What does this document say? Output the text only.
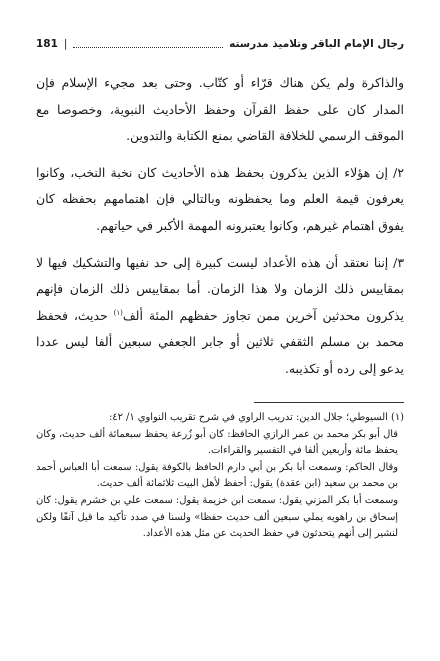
رجال الإمام الباقر وتلاميذ مدرسته
|
181

والذاكرة ولم يكن هناك قرّاء أو كتّاب. وحتى بعد مجيء الإسلام فإن المدار كان على حفظ القرآن وحفظ الأحاديث النبوية، وخصوصا مع الموقف الرسمي للخلافة القاضي بمنع الكتابة والتدوين.

٢/ إن هؤلاء الذين يذكرون بحفظ هذه الأحاديث كان نخبة النخب، وكانوا يعرفون قيمة العلم وما يحفظونه وبالتالي فإن اهتمامهم بحفظه كان يفوق اهتمام غيرهم، وكانوا يعتبرونه المهمة الأكبر في حياتهم.

٣/ إننا نعتقد أن هذه الأعداد ليست كبيرة إلى حد نفيها والتشكيك فيها لا بمقاييس ذلك الزمان ولا هذا الزمان. أما بمقاييس ذلك الزمان فإنهم يذكرون محدثين آخرين ممن تجاوز حفظهم المئة ألف$^{(١)}$ حديث، فحفظ محمد بن مسلم الثقفي ثلاثين أو جابر الجعفي سبعين ألفا ليس عددا يدعو إلى رده أو تكذيبه.

(١) السيوطي؛ جلال الدين: تدريب الراوي في شرح تقريب النواوي ١/ ٤٢:

قال أبو بكر محمد بن عمر الرازي الحافظ: كان أبو زُرعة يحفظ سبعمائة ألف حديث، وكان يحفظ مائة وأربعين ألفا في التفسير والقراءات.

وقال الحاكم: وسمعت أبا بكر بن أبي دارم الحافظ بالكوفة يقول: سمعت أبا العباس أحمد بن محمد بن سعيد (ابن عقدة) يقول: أحفظ لأهل البيت ثلاثمائة ألف حديث.

وسمعت أبا بكر المزني يقول: سمعت ابن خزيمة يقول: سمعت علي بن خشرم يقول: كان إسحاق بن راهويه يملي سبعين ألف حديث حفظا» ولسنا في صدد تأكيد ما قيل آنفًا ولكن لنشير إلى أنهم يتحدثون في حفظ الحديث عن مثل هذه الأعداد.
